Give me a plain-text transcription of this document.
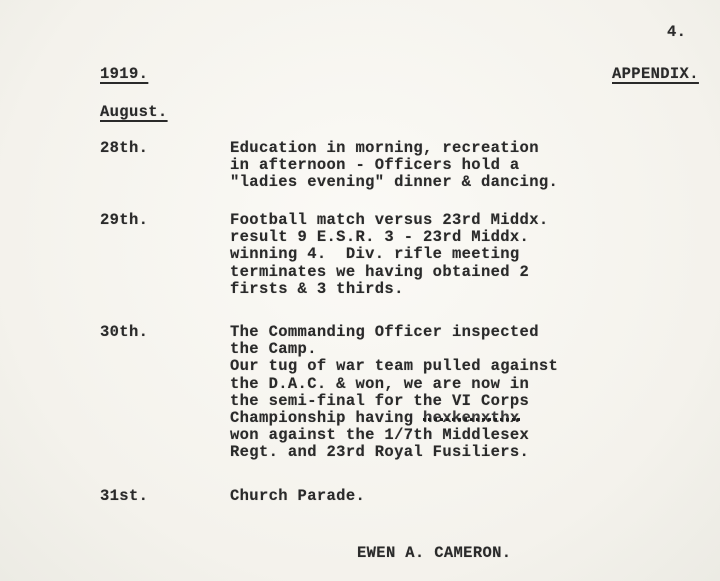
4.
1919.	APPENDIX.
August.
28th.	Education in morning, recreation
in afternoon - Officers hold a
"ladies evening" dinner & dancing.
29th.	Football match versus 23rd Middx.
result 9 E.S.R. 3 - 23rd Middx.
winning 4.  Div. rifle meeting
terminates we having obtained 2
firsts & 3 thirds.
30th.	The Commanding Officer inspected
the Camp.
Our tug of war team pulled against
the D.A.C. & won, we are now in
the semi-final for the VI Corps
Championship having hexkenxthx
won against the 1/7th Middlesex
Regt. and 23rd Royal Fusiliers.
31st.	Church Parade.
EWEN A. CAMERON.
